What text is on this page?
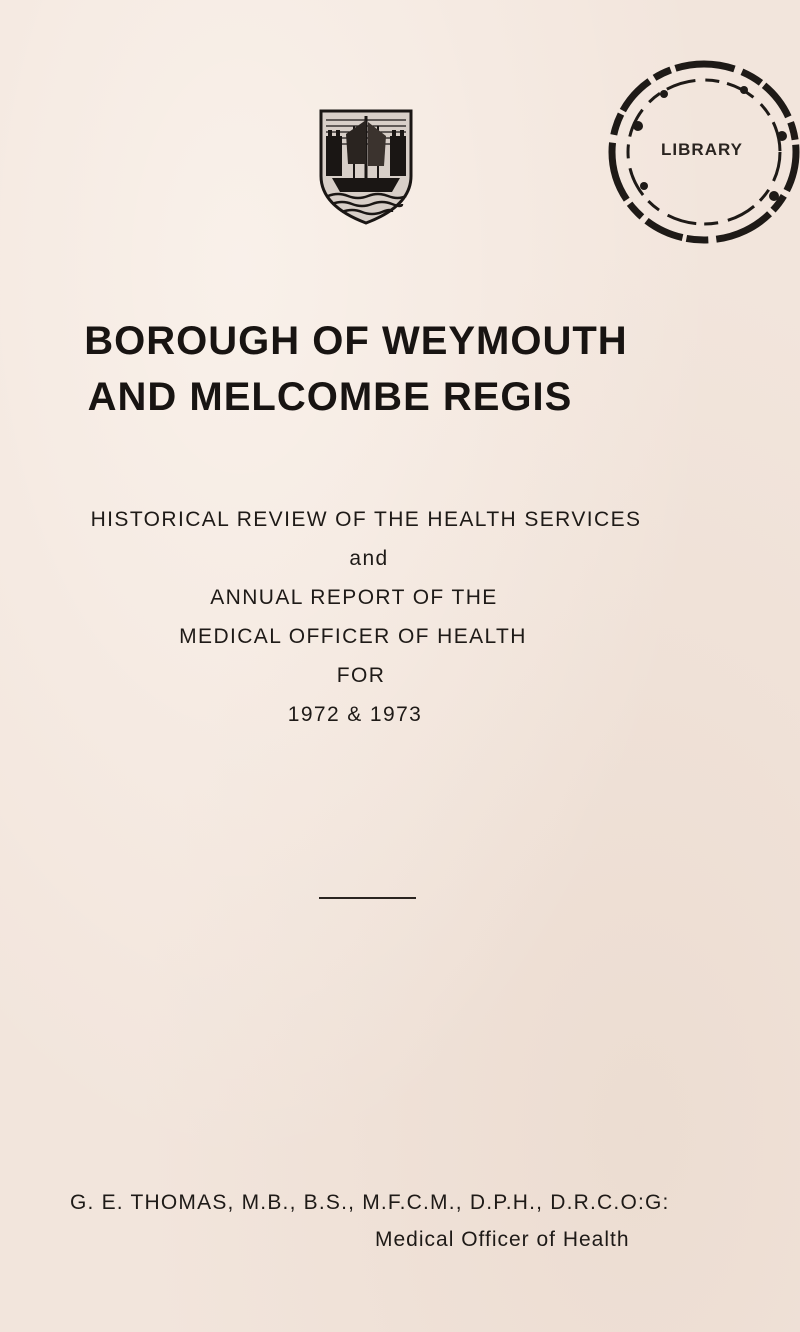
LIBRARY
BOROUGH OF WEYMOUTH
AND MELCOMBE REGIS
HISTORICAL REVIEW OF THE HEALTH SERVICES
and
ANNUAL REPORT OF THE
MEDICAL OFFICER OF HEALTH
FOR
1972 & 1973
G. E. THOMAS, M.B., B.S., M.F.C.M., D.P.H., D.R.C.O:G:
Medical Officer of Health
